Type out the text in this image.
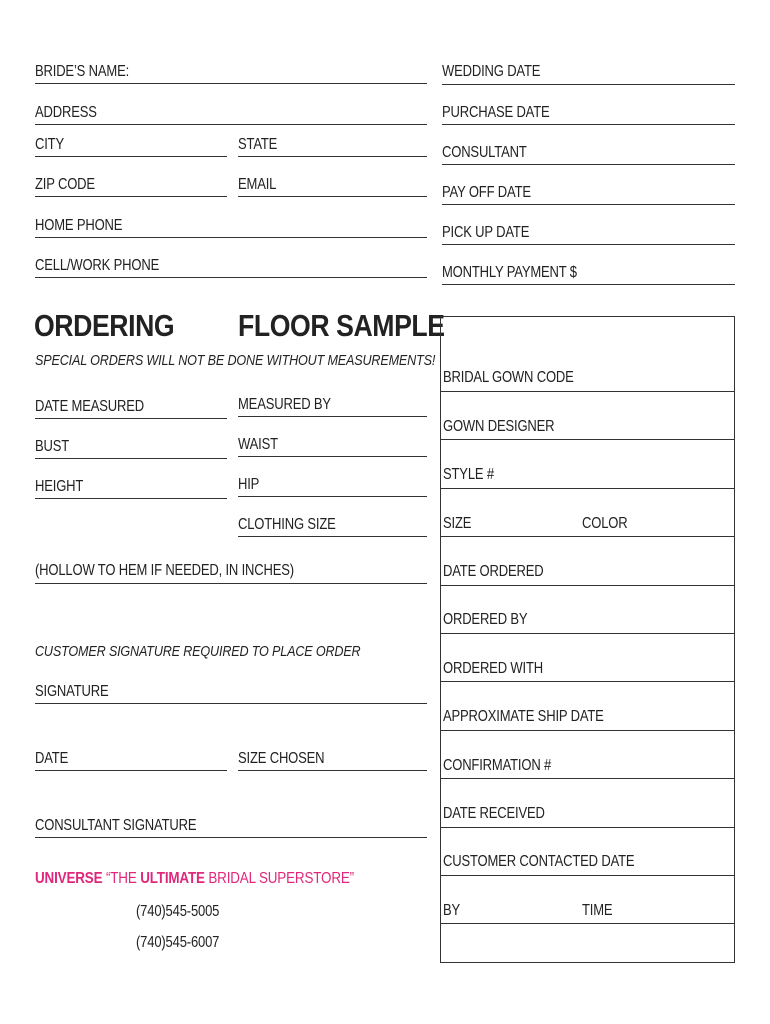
BRIDE’S NAME:
ADDRESS
CITY	STATE
ZIP CODE	EMAIL
HOME PHONE
CELL/WORK PHONE
WEDDING DATE
PURCHASE DATE
CONSULTANT
PAY OFF DATE
PICK UP DATE
MONTHLY PAYMENT $
ORDERING FLOOR SAMPLE
SPECIAL ORDERS WILL NOT BE DONE WITHOUT MEASUREMENTS!
DATE MEASURED	MEASURED BY
BUST	WAIST
HEIGHT	HIP
CLOTHING SIZE
(HOLLOW TO HEM IF NEEDED, IN INCHES)
CUSTOMER SIGNATURE REQUIRED TO PLACE ORDER
SIGNATURE
DATE	SIZE CHOSEN
CONSULTANT SIGNATURE
UNIVERSE “THE ULTIMATE BRIDAL SUPERSTORE”
(740)545-5005
(740)545-6007
BRIDAL GOWN CODE
GOWN DESIGNER
STYLE #
SIZE	COLOR
DATE ORDERED
ORDERED BY
ORDERED WITH
APPROXIMATE SHIP DATE
CONFIRMATION #
DATE RECEIVED
CUSTOMER CONTACTED DATE
BY	TIME
